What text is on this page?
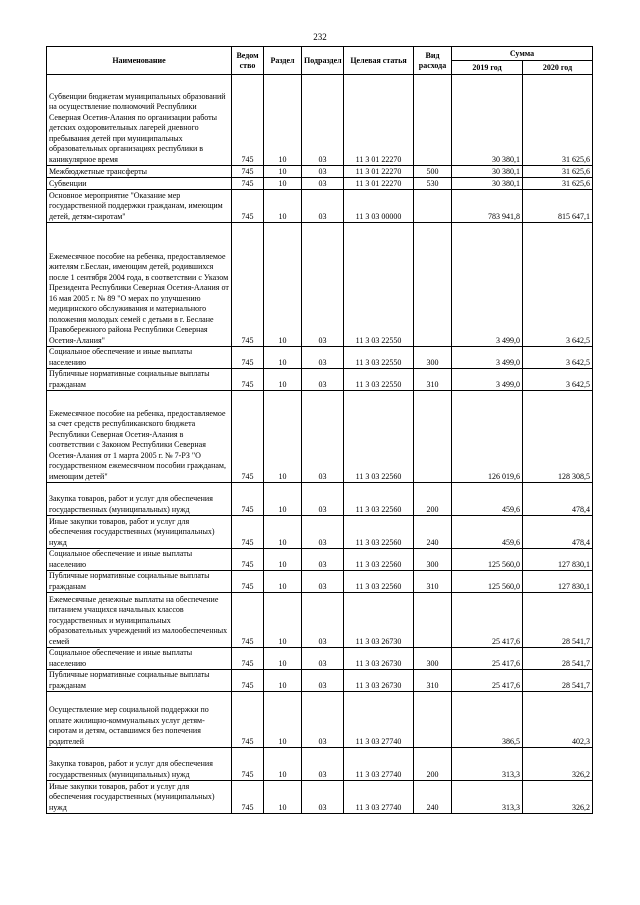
232
Наименование	Ведом ство	Раздел	Подраздел	Целевая статья	Вид расхода	Сумма	
						2019 год	2020 год
Субвенции бюджетам муниципальных образований на осуществление полномочий Республики Северная Осетия-Алания по организации работы детских оздоровительных лагерей дневного пребывания детей при муниципальных образовательных организациях республики в каникулярное время	745	10	03	11 3 01 22270		30 380,1	31 625,6
Межбюджетные трансферты	745	10	03	11 3 01 22270	500	30 380,1	31 625,6
Субвенции	745	10	03	11 3 01 22270	530	30 380,1	31 625,6
Основное мероприятие "Оказание мер государственной поддержки гражданам, имеющим детей, детям-сиротам"	745	10	03	11 3 03 00000		783 941,8	815 647,1
Ежемесячное пособие на ребенка, предоставляемое жителям г.Беслан, имеющим детей, родившихся после 1 сентября 2004 года, в соответствии с Указом Президента Республики Северная Осетия-Алания от 16 мая 2005 г. № 89 "О мерах по улучшению медицинского обслуживания и материального положения молодых семей с детьми в г. Беслане Правобережного района Республики Северная Осетия-Алания"	745	10	03	11 3 03 22550		3 499,0	3 642,5
Социальное обеспечение и иные выплаты населению	745	10	03	11 3 03 22550	300	3 499,0	3 642,5
Публичные нормативные социальные выплаты гражданам	745	10	03	11 3 03 22550	310	3 499,0	3 642,5
Ежемесячное пособие на ребенка, предоставляемое за счет средств республиканского бюджета Республики Северная Осетия-Алания в соответствии с Законом Республики Северная Осетия-Алания от 1 марта 2005 г. № 7-РЗ "О государственном ежемесячном пособии гражданам, имеющим детей"	745	10	03	11 3 03 22560		126 019,6	128 308,5
Закупка товаров, работ и услуг для обеспечения государственных (муниципальных) нужд	745	10	03	11 3 03 22560	200	459,6	478,4
Иные закупки товаров, работ и услуг для обеспечения государственных (муниципальных) нужд	745	10	03	11 3 03 22560	240	459,6	478,4
Социальное обеспечение и иные выплаты населению	745	10	03	11 3 03 22560	300	125 560,0	127 830,1
Публичные нормативные социальные выплаты гражданам	745	10	03	11 3 03 22560	310	125 560,0	127 830,1
Ежемесячные денежные выплаты на обеспечение питанием учащихся начальных классов государственных и муниципальных образовательных учреждений из малообеспеченных семей	745	10	03	11 3 03 26730		25 417,6	28 541,7
Социальное обеспечение и иные выплаты населению	745	10	03	11 3 03 26730	300	25 417,6	28 541,7
Публичные нормативные социальные выплаты гражданам	745	10	03	11 3 03 26730	310	25 417,6	28 541,7
Осуществление мер социальной поддержки по оплате жилищно-коммунальных услуг детям-сиротам и детям, оставшимся без попечения родителей	745	10	03	11 3 03 27740		386,5	402,3
Закупка товаров, работ и услуг для обеспечения государственных (муниципальных) нужд	745	10	03	11 3 03 27740	200	313,3	326,2
Иные закупки товаров, работ и услуг для обеспечения государственных (муниципальных) нужд	745	10	03	11 3 03 27740	240	313,3	326,2
